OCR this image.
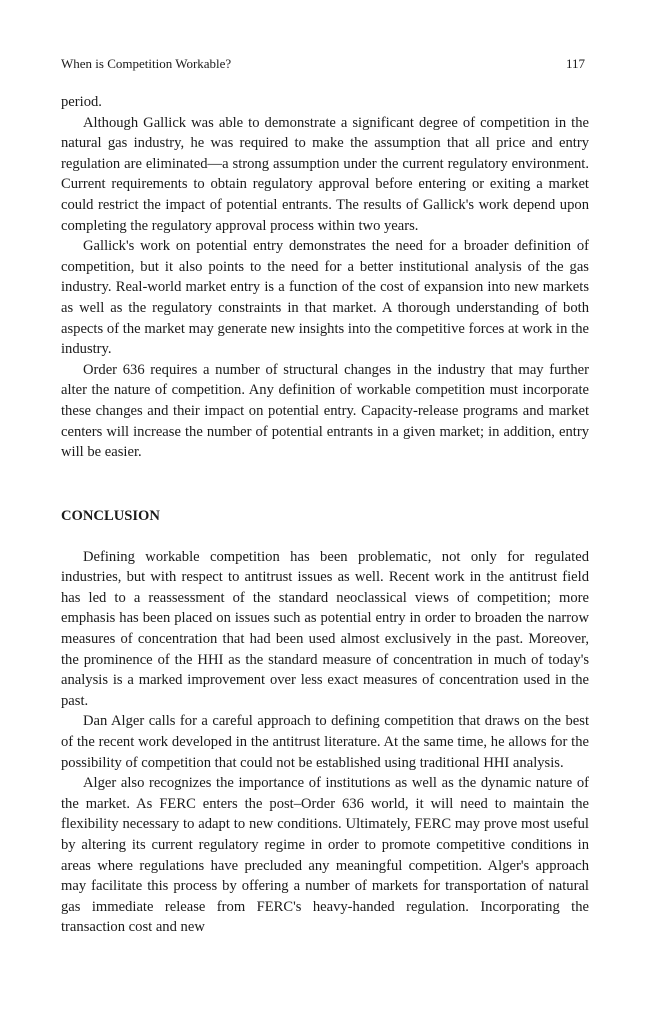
When is Competition Workable?	117

period.

Although Gallick was able to demonstrate a significant degree of competition in the natural gas industry, he was required to make the assumption that all price and entry regulation are eliminated—a strong assumption under the current regulatory environment. Current requirements to obtain regulatory approval before entering or exiting a market could restrict the impact of potential entrants. The results of Gallick's work depend upon completing the regulatory approval process within two years.

Gallick's work on potential entry demonstrates the need for a broader definition of competition, but it also points to the need for a better institutional analysis of the gas industry. Real-world market entry is a function of the cost of expansion into new markets as well as the regulatory constraints in that market. A thorough understanding of both aspects of the market may generate new insights into the competitive forces at work in the industry.

Order 636 requires a number of structural changes in the industry that may further alter the nature of competition. Any definition of workable competition must incorporate these changes and their impact on potential entry. Capacity-release programs and market centers will increase the number of potential entrants in a given market; in addition, entry will be easier.

CONCLUSION

Defining workable competition has been problematic, not only for regulated industries, but with respect to antitrust issues as well. Recent work in the antitrust field has led to a reassessment of the standard neoclassical views of competition; more emphasis has been placed on issues such as potential entry in order to broaden the narrow measures of concentration that had been used almost exclusively in the past. Moreover, the prominence of the HHI as the standard measure of concentration in much of today's analysis is a marked improvement over less exact measures of concentration used in the past.

Dan Alger calls for a careful approach to defining competition that draws on the best of the recent work developed in the antitrust literature. At the same time, he allows for the possibility of competition that could not be established using traditional HHI analysis.

Alger also recognizes the importance of institutions as well as the dynamic nature of the market. As FERC enters the post–Order 636 world, it will need to maintain the flexibility necessary to adapt to new conditions. Ultimately, FERC may prove most useful by altering its current regulatory regime in order to promote competitive conditions in areas where regulations have precluded any meaningful competition. Alger's approach may facilitate this process by offering a number of markets for transportation of natural gas immediate release from FERC's heavy-handed regulation. Incorporating the transaction cost and new
